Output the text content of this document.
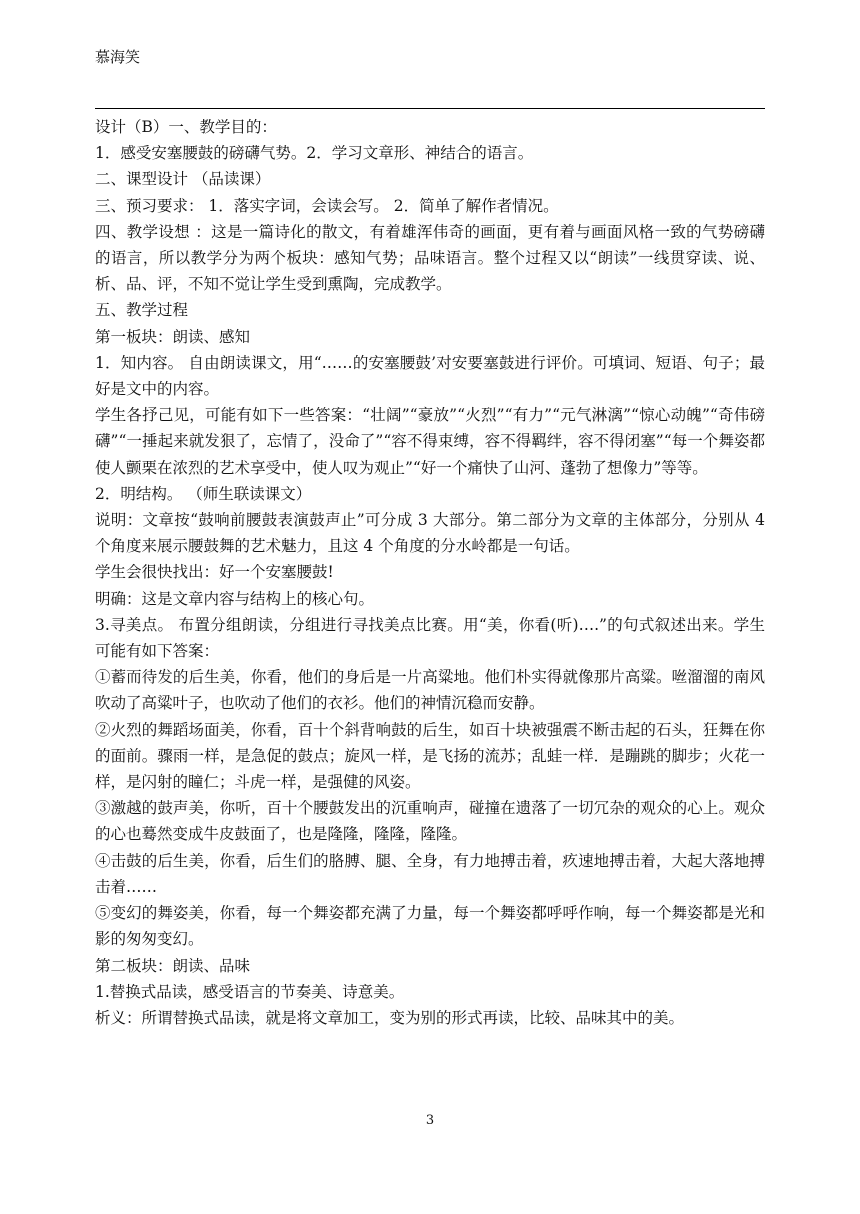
慕海笑

设计（B）一、教学目的：

1．感受安塞腰鼓的磅礴气势。2．学习文章形、神结合的语言。

二、课型设计 （品读课）

三、预习要求： 1．落实字词，会读会写。 2．简单了解作者情况。

四、教学设想 ：这是一篇诗化的散文，有着雄浑伟奇的画面，更有着与画面风格一致的气势磅礴的语言，所以教学分为两个板块：感知气势；品味语言。整个过程又以“朗读”一线贯穿读、说、析、品、评，不知不觉让学生受到熏陶，完成教学。

五、教学过程

第一板块：朗读、感知

1．知内容。 自由朗读课文，用“……的安塞腰鼓’对安要塞鼓进行评价。可填词、短语、句子；最好是文中的内容。

学生各抒己见，可能有如下一些答案：“壮阔”“豪放”“火烈”“有力”“元气淋漓”“惊心动魄”“奇伟磅礴”“一捶起来就发狠了，忘情了，没命了”“容不得束缚，容不得羁绊，容不得闭塞”“每一个舞姿都使人颤栗在浓烈的艺术享受中，使人叹为观止”“好一个痛快了山河、蓬勃了想像力”等等。

2．明结构。 （师生联读课文）

说明：文章按“鼓响前腰鼓表演鼓声止”可分成 3 大部分。第二部分为文章的主体部分，分别从 4 个角度来展示腰鼓舞的艺术魅力，且这 4 个角度的分水岭都是一句话。

学生会很快找出：好一个安塞腰鼓!

明确：这是文章内容与结构上的核心句。

3.寻美点。 布置分组朗读，分组进行寻找美点比赛。用“美，你看(听)….”的句式叙述出来。学生可能有如下答案：

①蓄而待发的后生美，你看，他们的身后是一片高粱地。他们朴实得就像那片高粱。咝溜溜的南风吹动了高粱叶子，也吹动了他们的衣衫。他们的神情沉稳而安静。

②火烈的舞蹈场面美，你看，百十个斜背响鼓的后生，如百十块被强震不断击起的石头，狂舞在你的面前。骤雨一样，是急促的鼓点；旋风一样，是飞扬的流苏；乱蛙一样．是蹦跳的脚步；火花一样，是闪射的瞳仁；斗虎一样，是强健的风姿。

③激越的鼓声美，你听，百十个腰鼓发出的沉重响声，碰撞在遗落了一切冗杂的观众的心上。观众的心也蓦然变成牛皮鼓面了，也是隆隆，隆隆，隆隆。

④击鼓的后生美，你看，后生们的胳膊、腿、全身，有力地搏击着，疚速地搏击着，大起大落地搏击着……

⑤变幻的舞姿美，你看，每一个舞姿都充满了力量，每一个舞姿都呼呼作响，每一个舞姿都是光和影的匆匆变幻。

第二板块：朗读、品味

1.替换式品读，感受语言的节奏美、诗意美。

析义：所谓替换式品读，就是将文章加工，变为别的形式再读，比较、品味其中的美。

3
